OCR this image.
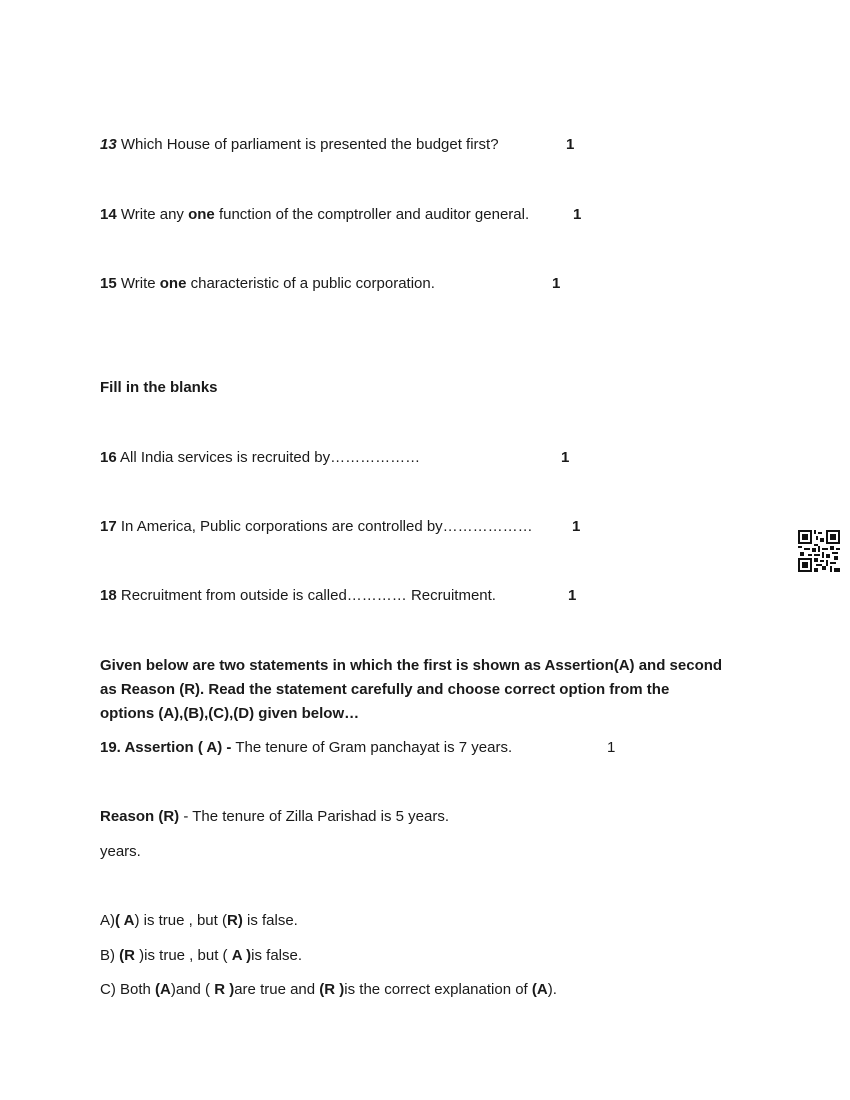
13 Which House of parliament is presented the budget first?	1
14 Write any one function of the comptroller and auditor general.	1
15 Write one characteristic of a public corporation.	1
Fill in the blanks
16 All India services is recruited by………………	1
17 In America, Public corporations are controlled by………………	1
18 Recruitment from outside is called………… Recruitment.	1
Given below are two statements in which the first is shown as Assertion(A) and second
as Reason (R). Read the statement carefully and choose correct option from the
options (A),(B),(C),(D) given below…
19. Assertion ( A) - The tenure of Gram panchayat is 7 years.	1
Reason (R) - The tenure of Zilla Parishad is 5 years.
years.
A)( A) is true , but (R) is false.
B) (R )is true , but ( A )is false.
C) Both (A)and ( R )are true and (R )is the correct explanation of (A).
